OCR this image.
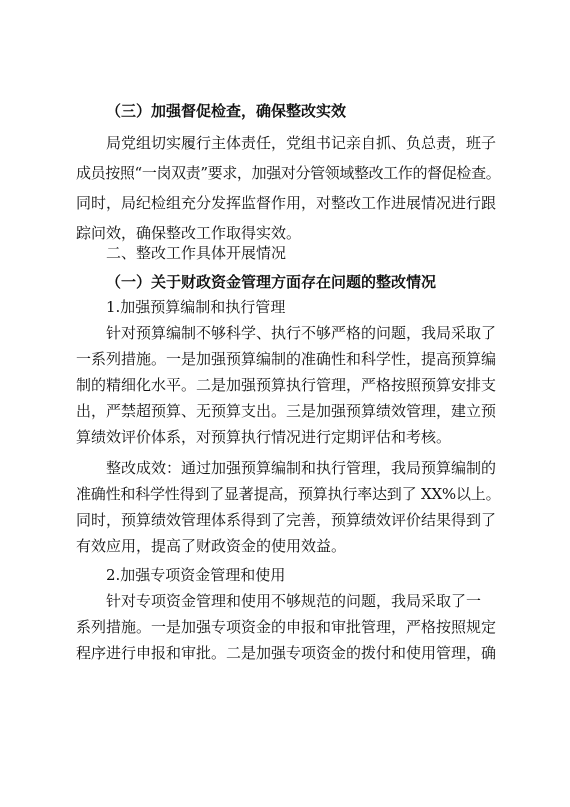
（三）加强督促检查，确保整改实效
局党组切实履行主体责任，党组书记亲自抓、负总责，班子
成员按照“一岗双责”要求，加强对分管领域整改工作的督促检查。
同时，局纪检组充分发挥监督作用，对整改工作进展情况进行跟
踪问效，确保整改工作取得实效。
二、整改工作具体开展情况
（一）关于财政资金管理方面存在问题的整改情况
1.加强预算编制和执行管理
针对预算编制不够科学、执行不够严格的问题，我局采取了
一系列措施。一是加强预算编制的准确性和科学性，提高预算编
制的精细化水平。二是加强预算执行管理，严格按照预算安排支
出，严禁超预算、无预算支出。三是加强预算绩效管理，建立预
算绩效评价体系，对预算执行情况进行定期评估和考核。
整改成效：通过加强预算编制和执行管理，我局预算编制的
准确性和科学性得到了显著提高，预算执行率达到了 XX%以上。
同时，预算绩效管理体系得到了完善，预算绩效评价结果得到了
有效应用，提高了财政资金的使用效益。
2.加强专项资金管理和使用
针对专项资金管理和使用不够规范的问题，我局采取了一
系列措施。一是加强专项资金的申报和审批管理，严格按照规定
程序进行申报和审批。二是加强专项资金的拨付和使用管理，确
